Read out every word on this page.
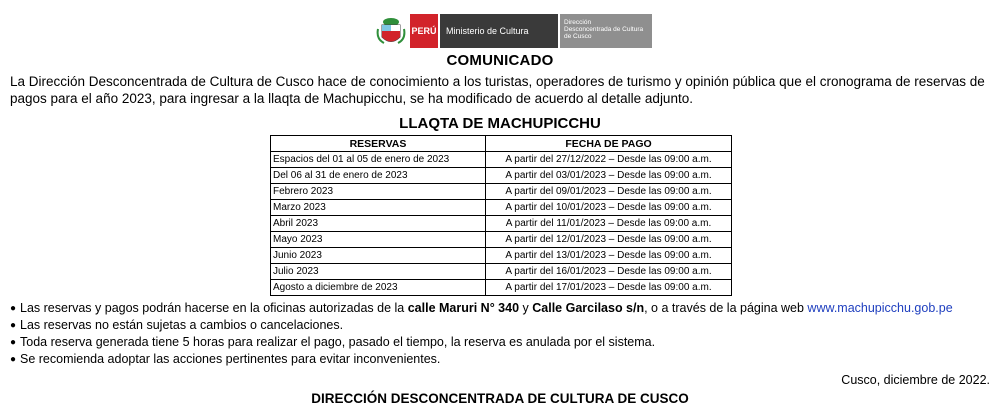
PERÚ	Ministerio de Cultura
Dirección
Desconcentrada de Cultura
de Cusco
COMUNICADO
La Dirección Desconcentrada de Cultura de Cusco hace de conocimiento a los turistas, operadores de turismo y opinión pública que el cronograma de reservas de pagos para el año 2023, para ingresar a la llaqta de Machupicchu, se ha modificado de acuerdo al detalle adjunto.
LLAQTA DE MACHUPICCHU
RESERVAS	FECHA DE PAGO
Espacios del 01 al 05 de enero de 2023	A partir del 27/12/2022 – Desde las 09:00 a.m.
Del 06 al 31 de enero de 2023	A partir del 03/01/2023 – Desde las 09:00 a.m.
Febrero 2023	A partir del 09/01/2023 – Desde las 09:00 a.m.
Marzo 2023	A partir del 10/01/2023 – Desde las 09:00 a.m.
Abril 2023	A partir del 11/01/2023 – Desde las 09:00 a.m.
Mayo 2023	A partir del 12/01/2023 – Desde las 09:00 a.m.
Junio 2023	A partir del 13/01/2023 – Desde las 09:00 a.m.
Julio 2023	A partir del 16/01/2023 – Desde las 09:00 a.m.
Agosto a diciembre de 2023	A partir del 17/01/2023 – Desde las 09:00 a.m.
● Las reservas y pagos podrán hacerse en la oficinas autorizadas de la calle Maruri N° 340 y Calle Garcilaso s/n, o a través de la página web www.machupicchu.gob.pe
● Las reservas no están sujetas a cambios o cancelaciones.
● Toda reserva generada tiene 5 horas para realizar el pago, pasado el tiempo, la reserva es anulada por el sistema.
● Se recomienda adoptar las acciones pertinentes para evitar inconvenientes.
Cusco, diciembre de 2022.
DIRECCIÓN DESCONCENTRADA DE CULTURA DE CUSCO
